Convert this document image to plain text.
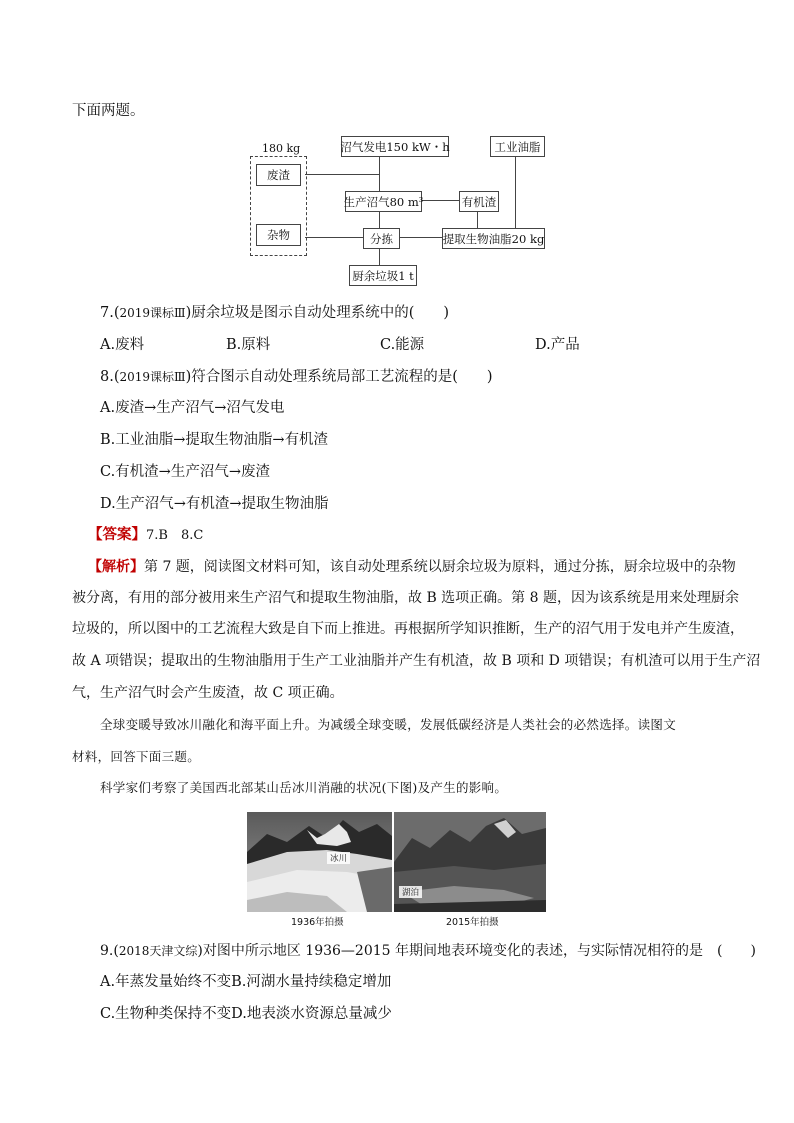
下面两题。
180 kg
废渣
杂物
沼气发电150 kW・h	工业油脂
生产沼气80 m³	有机渣
分拣	提取生物油脂20 kg
厨余垃圾1 t
7.(2019课标Ⅲ)厨余垃圾是图示自动处理系统中的(　　)
A.废料	B.原料	C.能源	D.产品
8.(2019课标Ⅲ)符合图示自动处理系统局部工艺流程的是(　　)
A.废渣→生产沼气→沼气发电
B.工业油脂→提取生物油脂→有机渣
C.有机渣→生产沼气→废渣
D.生产沼气→有机渣→提取生物油脂
【答案】7.B　8.C
【解析】第 7 题，阅读图文材料可知，该自动处理系统以厨余垃圾为原料，通过分拣，厨余垃圾中的杂物
被分离，有用的部分被用来生产沼气和提取生物油脂，故 B 选项正确。第 8 题，因为该系统是用来处理厨余
垃圾的，所以图中的工艺流程大致是自下而上推进。再根据所学知识推断，生产的沼气用于发电并产生废渣，
故 A 项错误；提取出的生物油脂用于生产工业油脂并产生有机渣，故 B 项和 D 项错误；有机渣可以用于生产沼
气，生产沼气时会产生废渣，故 C 项正确。
全球变暖导致冰川融化和海平面上升。为减缓全球变暖，发展低碳经济是人类社会的必然选择。读图文
材料，回答下面三题。
科学家们考察了美国西北部某山岳冰川消融的状况(下图)及产生的影响。
冰川
湖泊
1936年拍摄	2015年拍摄
9.(2018天津文综)对图中所示地区 1936—2015 年期间地表环境变化的表述，与实际情况相符的是　(　　)
A.年蒸发量始终不变B.河湖水量持续稳定增加
C.生物种类保持不变D.地表淡水资源总量减少
